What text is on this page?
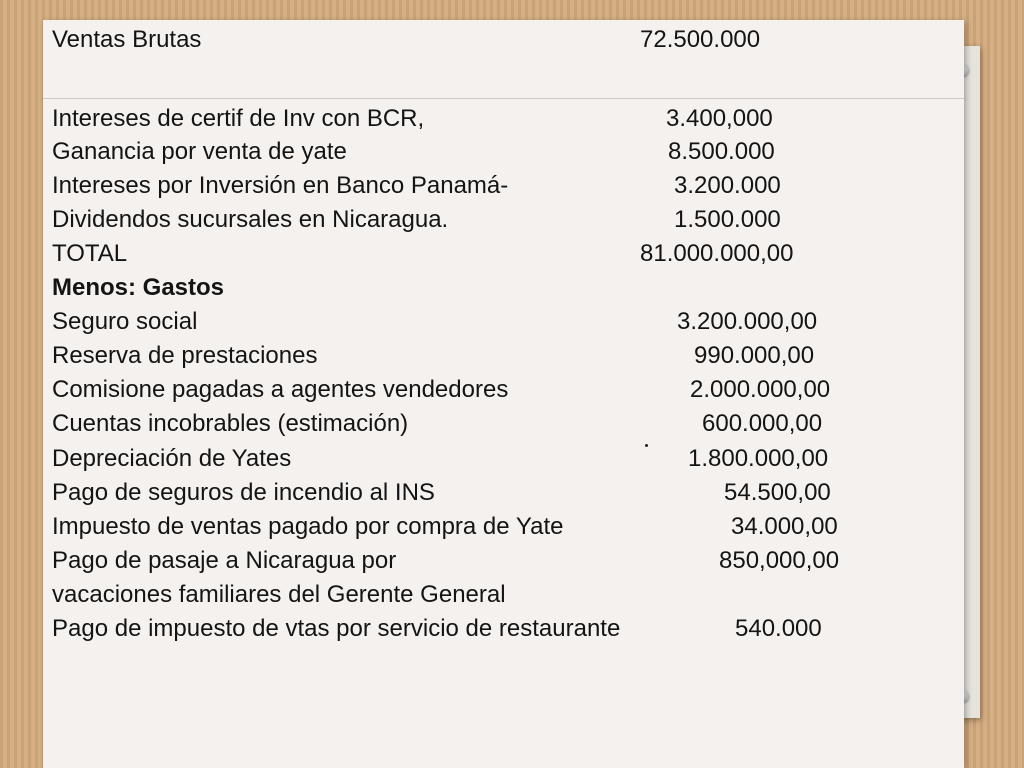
Ventas Brutas	72.500.000
Intereses de certif de Inv con BCR,	3.400,000
Ganancia por venta de yate	8.500.000
Intereses por Inversión en Banco Panamá-	3.200.000
Dividendos sucursales en Nicaragua.	1.500.000
TOTAL	81.000.000,00
Menos: Gastos
Seguro social	3.200.000,00
Reserva de prestaciones	990.000,00
Comisione pagadas a agentes vendedores	2.000.000,00
Cuentas incobrables (estimación)	600.000,00
Depreciación de Yates	1.800.000,00
Pago de seguros de incendio al INS	54.500,00
Impuesto de ventas pagado por compra de Yate	34.000,00
Pago de pasaje a Nicaragua por	850,000,00
vacaciones familiares del Gerente General
Pago de impuesto de vtas por servicio de restaurante	540.000
